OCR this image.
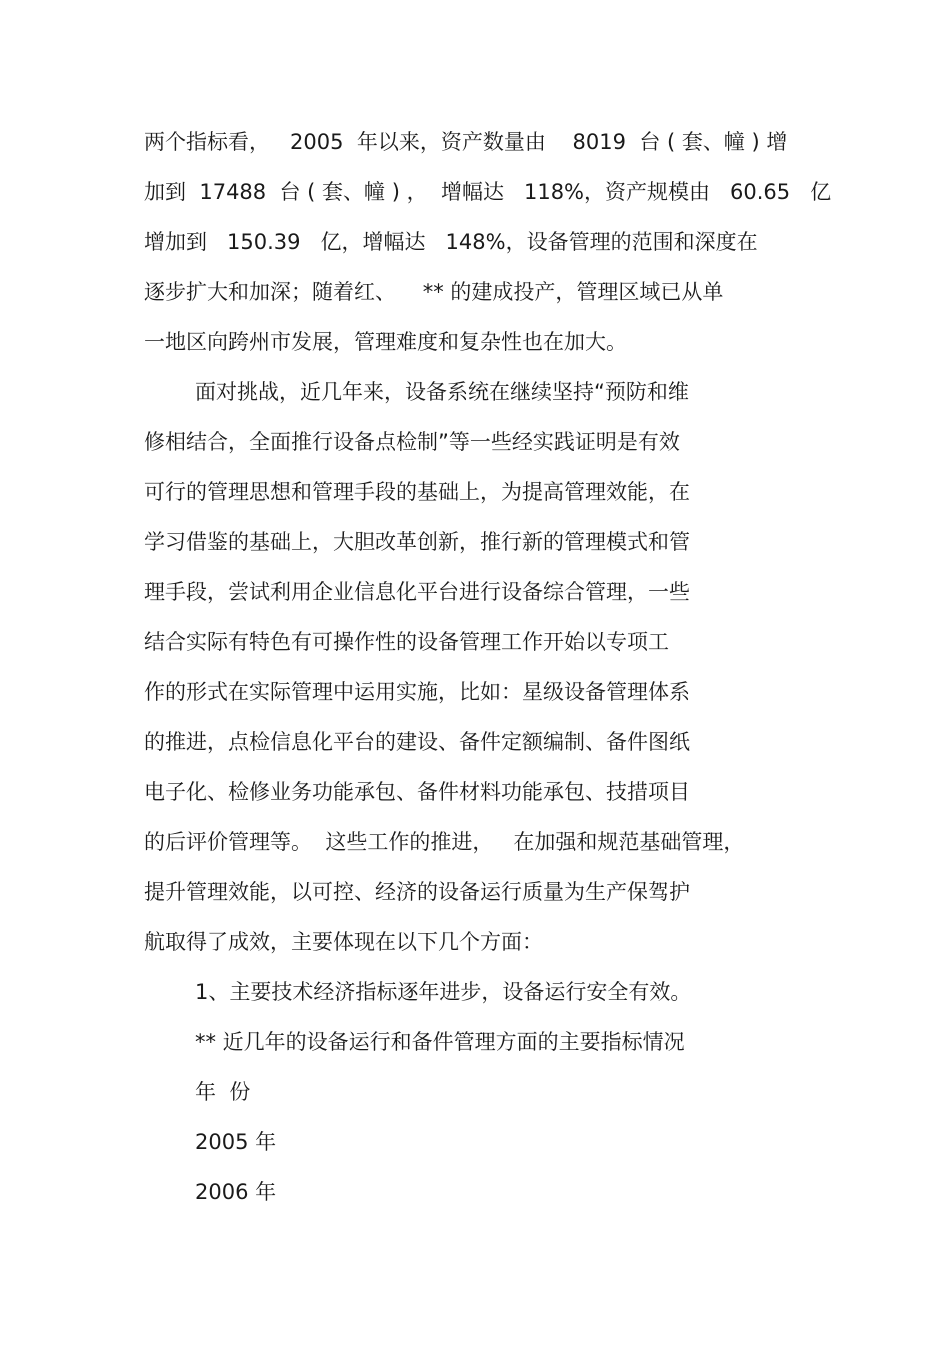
两个指标看，   2005  年以来，资产数量由    8019  台 ( 套、幢 ) 增

加到  17488  台 ( 套、幢 ) ，  增幅达   118%，资产规模由   60.65   亿

增加到   150.39   亿，增幅达   148%，设备管理的范围和深度在

逐步扩大和加深；随着红、    ** 的建成投产，管理区域已从单

一地区向跨州市发展，管理难度和复杂性也在加大。

面对挑战，近几年来，设备系统在继续坚持“预防和维

修相结合，全面推行设备点检制”等一些经实践证明是有效

可行的管理思想和管理手段的基础上，为提高管理效能，在

学习借鉴的基础上，大胆改革创新，推行新的管理模式和管

理手段，尝试利用企业信息化平台进行设备综合管理，一些

结合实际有特色有可操作性的设备管理工作开始以专项工

作的形式在实际管理中运用实施，比如：星级设备管理体系

的推进，点检信息化平台的建设、备件定额编制、备件图纸

电子化、检修业务功能承包、备件材料功能承包、技措项目

的后评价管理等。  这些工作的推进，   在加强和规范基础管理，

提升管理效能，以可控、经济的设备运行质量为生产保驾护

航取得了成效，主要体现在以下几个方面：

1、主要技术经济指标逐年进步，设备运行安全有效。

** 近几年的设备运行和备件管理方面的主要指标情况

年  份

2005 年

2006 年
